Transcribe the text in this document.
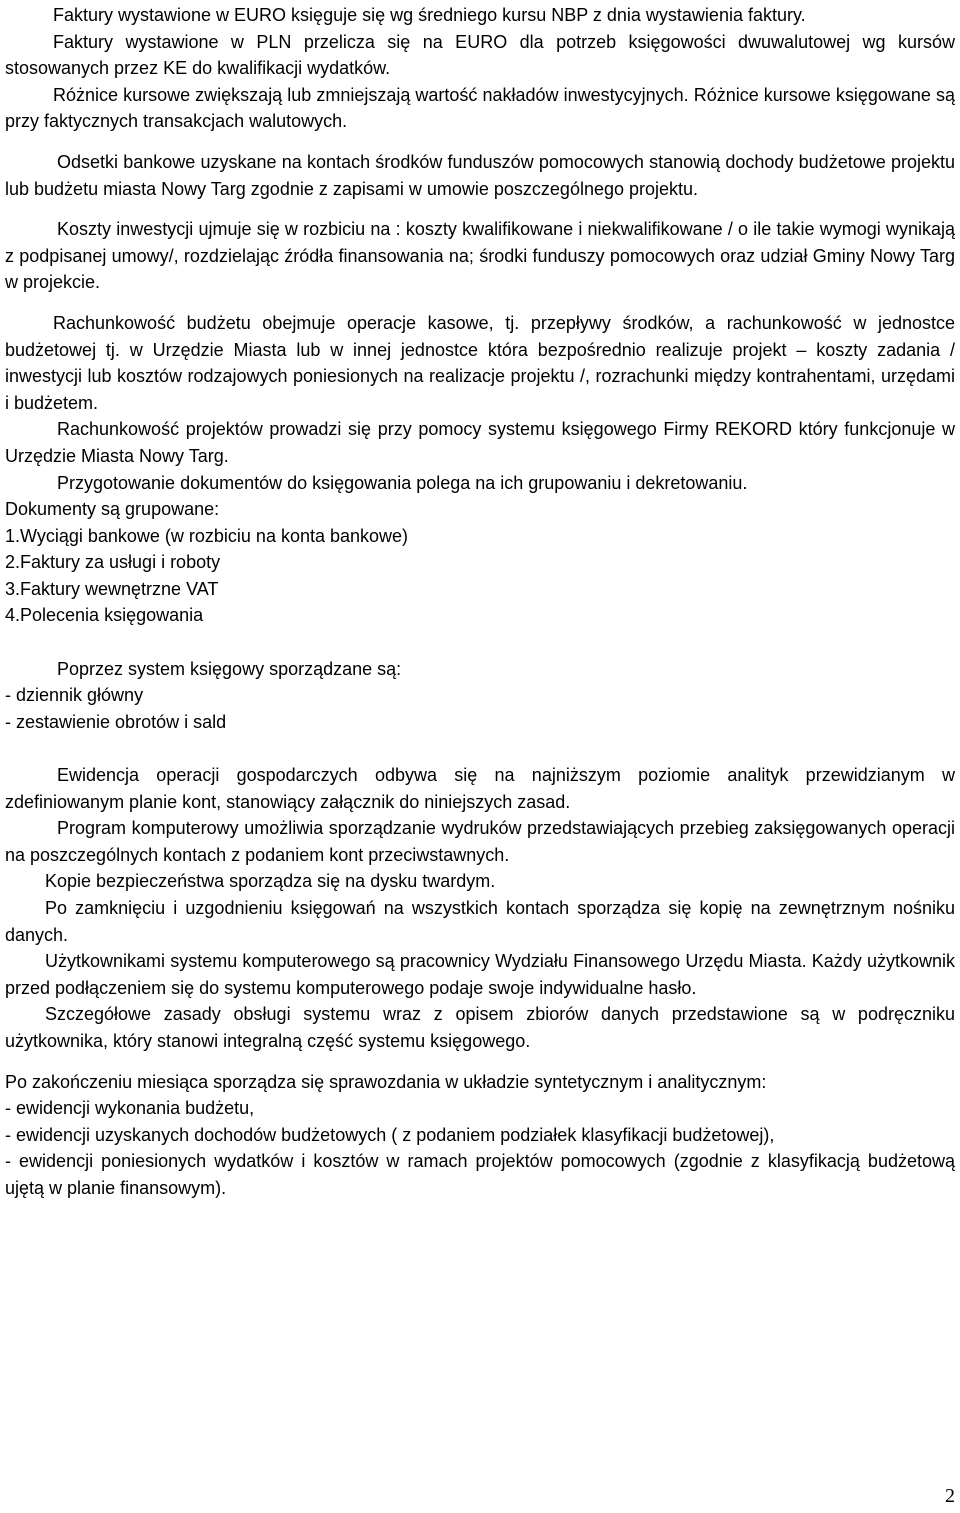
Faktury wystawione w EURO księguje się wg średniego kursu NBP z dnia wystawienia faktury.

Faktury wystawione w PLN przelicza się na EURO dla potrzeb księgowości dwuwalutowej wg kursów stosowanych przez KE do kwalifikacji wydatków.

Różnice kursowe zwiększają lub zmniejszają wartość nakładów inwestycyjnych. Różnice kursowe księgowane są przy faktycznych transakcjach walutowych.

Odsetki bankowe uzyskane na kontach środków funduszów pomocowych stanowią dochody budżetowe projektu lub budżetu miasta Nowy Targ zgodnie z zapisami w umowie poszczególnego projektu.

Koszty inwestycji ujmuje się w rozbiciu na : koszty kwalifikowane i niekwalifikowane / o ile takie wymogi wynikają z podpisanej umowy/, rozdzielając źródła finansowania na; środki funduszy pomocowych oraz udział Gminy Nowy Targ w projekcie.

Rachunkowość budżetu obejmuje operacje kasowe, tj. przepływy środków, a rachunkowość w jednostce budżetowej tj. w Urzędzie Miasta lub w innej jednostce która bezpośrednio realizuje projekt – koszty zadania / inwestycji lub kosztów rodzajowych poniesionych na realizacje projektu /, rozrachunki między kontrahentami, urzędami i budżetem.

Rachunkowość projektów prowadzi się przy pomocy systemu księgowego Firmy REKORD który funkcjonuje w Urzędzie Miasta Nowy Targ.

Przygotowanie dokumentów do księgowania polega na ich grupowaniu i dekretowaniu.

Dokumenty są grupowane:

1.Wyciągi bankowe (w rozbiciu na konta bankowe)

2.Faktury za usługi i roboty

3.Faktury wewnętrzne VAT

4.Polecenia księgowania

Poprzez system księgowy sporządzane są:

- dziennik główny

- zestawienie obrotów i sald

Ewidencja operacji gospodarczych odbywa się na najniższym poziomie analityk przewidzianym w zdefiniowanym planie kont, stanowiący załącznik do niniejszych zasad.

Program komputerowy umożliwia sporządzanie wydruków przedstawiających przebieg zaksięgowanych operacji na poszczególnych kontach z podaniem kont przeciwstawnych.

Kopie bezpieczeństwa sporządza się na dysku twardym.

Po zamknięciu i uzgodnieniu księgowań na wszystkich kontach sporządza się kopię na zewnętrznym nośniku danych.

Użytkownikami systemu komputerowego są pracownicy Wydziału Finansowego Urzędu Miasta. Każdy użytkownik przed podłączeniem się do systemu komputerowego podaje swoje indywidualne hasło.

Szczegółowe zasady obsługi systemu wraz z opisem zbiorów danych przedstawione są w podręczniku użytkownika, który stanowi integralną część systemu księgowego.

Po zakończeniu miesiąca sporządza się sprawozdania w układzie syntetycznym i analitycznym:

- ewidencji wykonania budżetu,

- ewidencji uzyskanych dochodów budżetowych ( z podaniem podziałek klasyfikacji budżetowej),

- ewidencji poniesionych wydatków i kosztów w ramach projektów pomocowych (zgodnie z klasyfikacją budżetową ujętą w planie finansowym).

2
